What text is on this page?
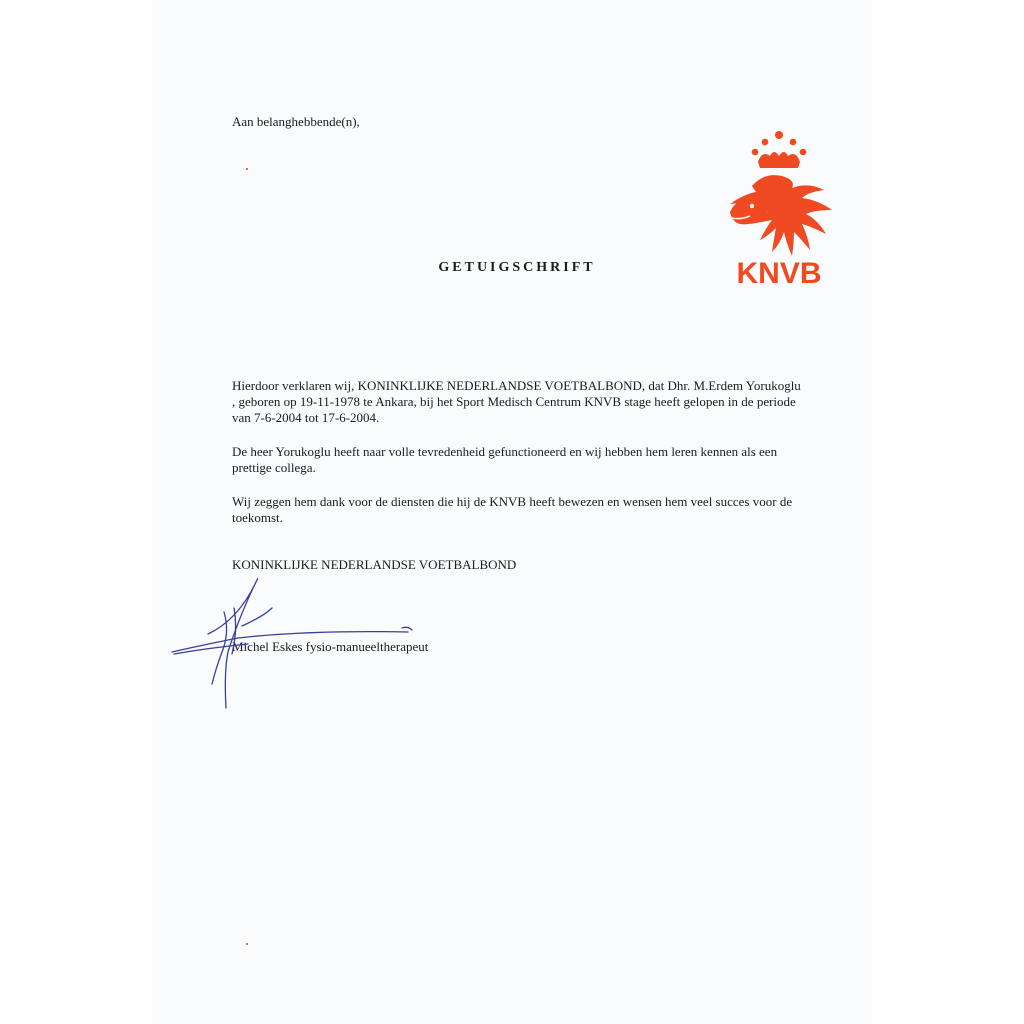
Aan belanghebbende(n),

GETUIGSCHRIFT	KNVB

Hierdoor verklaren wij, KONINKLIJKE NEDERLANDSE VOETBALBOND, dat Dhr. M.Erdem Yorukoglu , geboren op 19-11-1978 te Ankara, bij het Sport Medisch Centrum KNVB stage heeft gelopen in de periode van 7-6-2004 tot 17-6-2004.

De heer Yorukoglu heeft naar volle tevredenheid gefunctioneerd en wij hebben hem leren kennen als een prettige collega.

Wij zeggen hem dank voor de diensten die hij de KNVB heeft bewezen en wensen hem veel succes voor de toekomst.

KONINKLIJKE NEDERLANDSE VOETBALBOND

Michel Eskes fysio-manueeltherapeut
